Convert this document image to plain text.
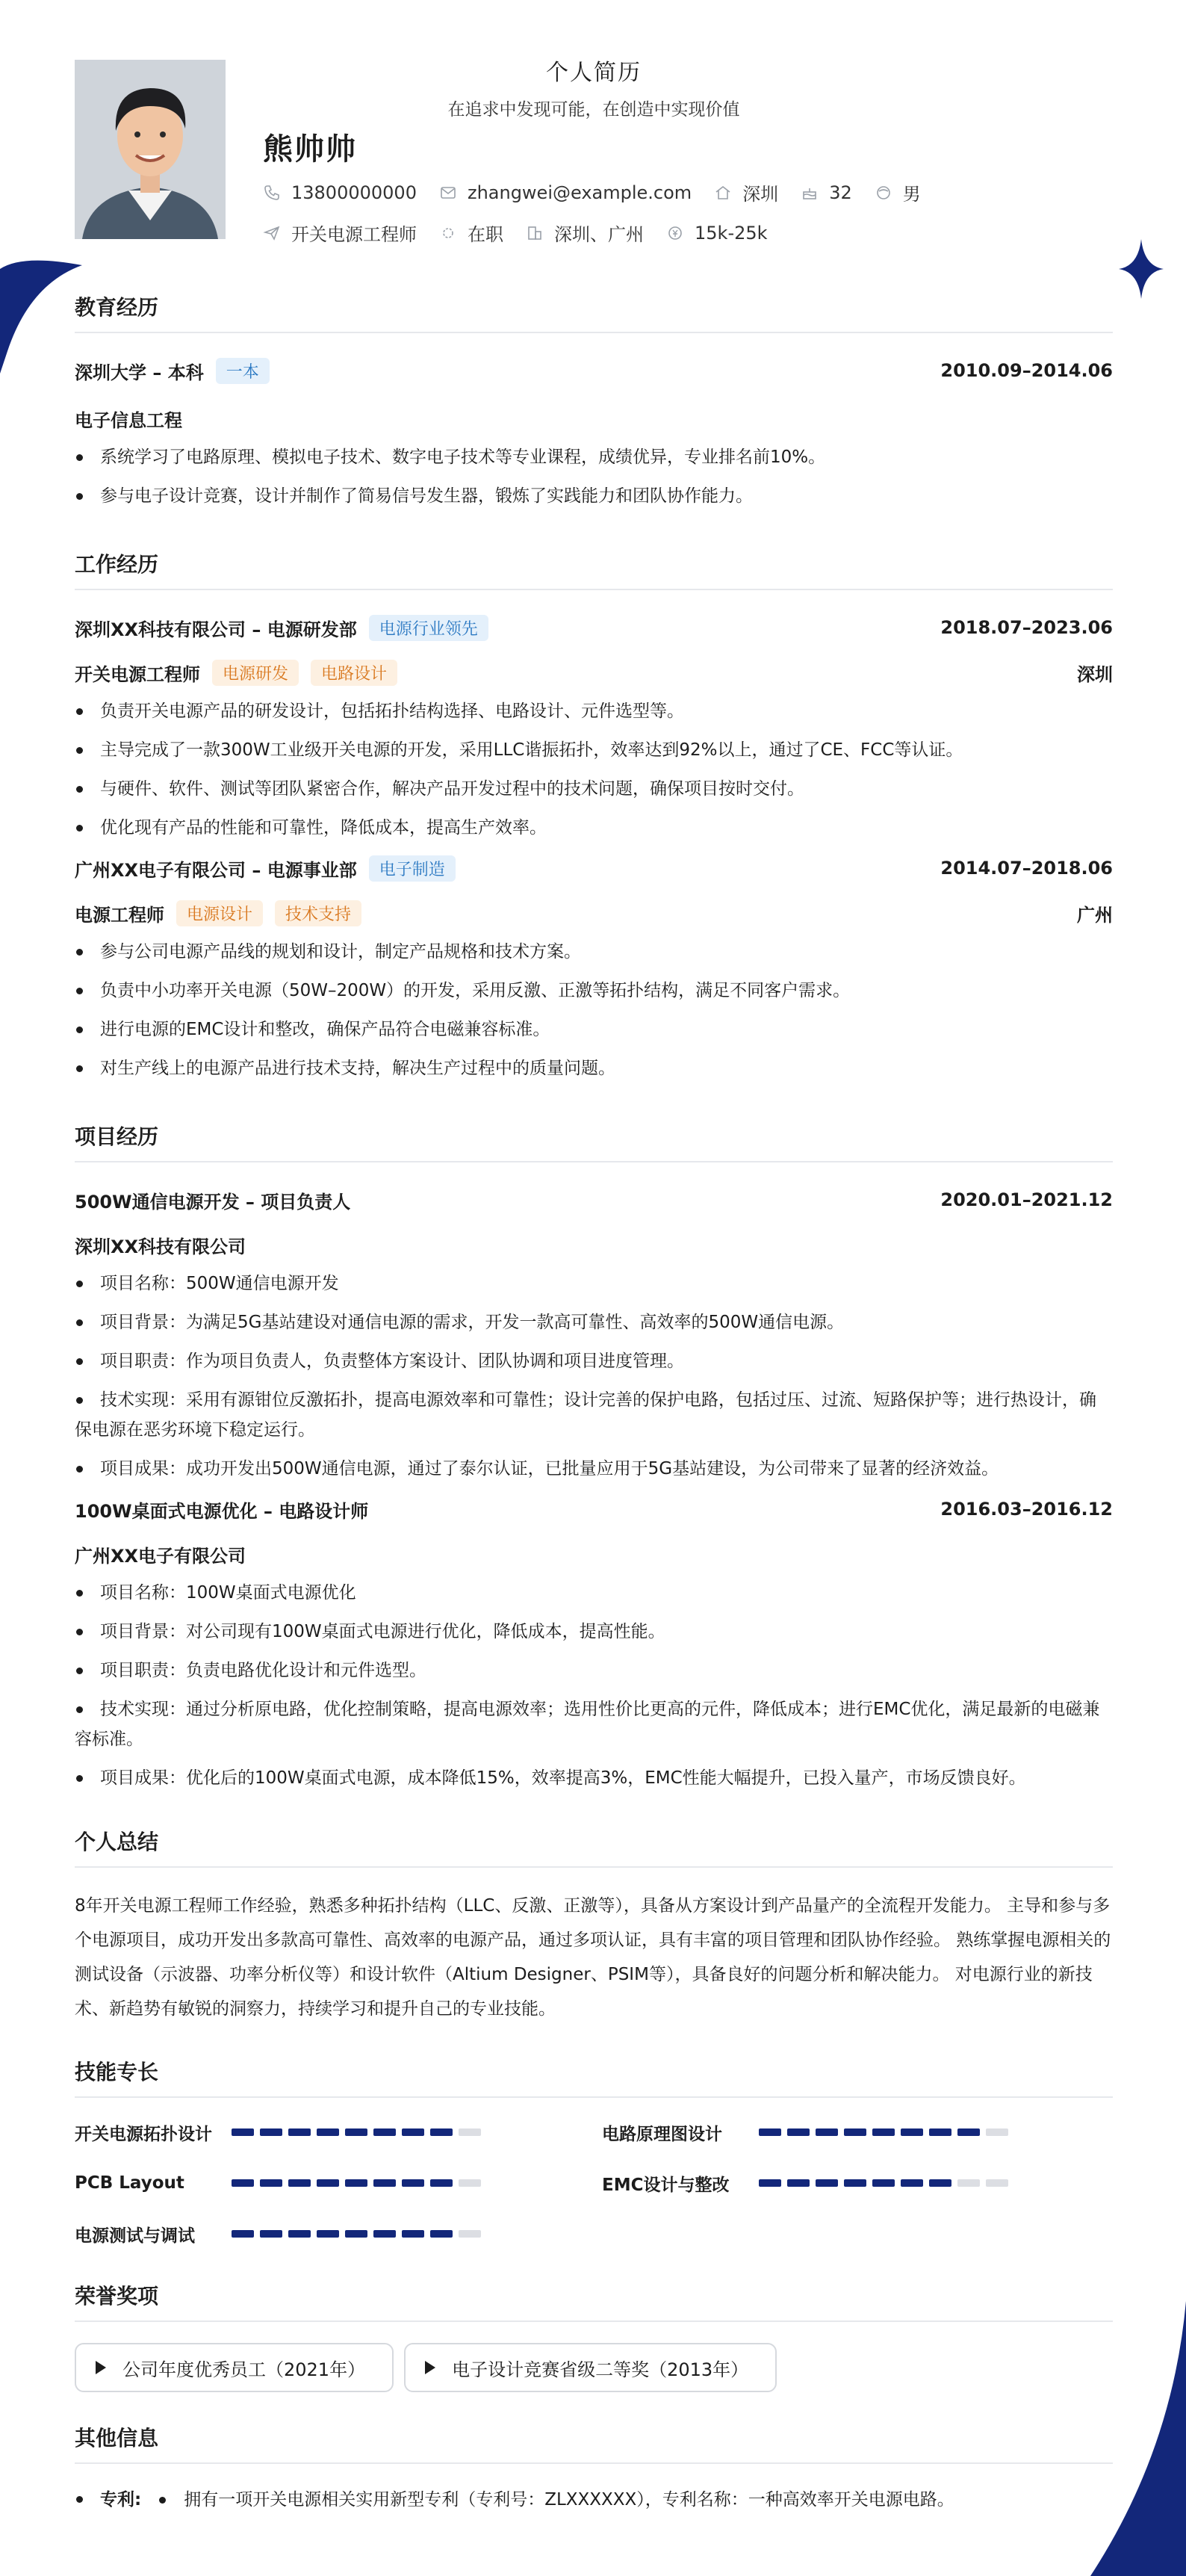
个人简历
在追求中发现可能，在创造中实现价值
熊帅帅
13800000000	zhangwei@example.com	深圳	32	男
开关电源工程师	在职	深圳、广州	15k-25k
教育经历
深圳大学 – 本科	一本	2010.09–2014.06
电子信息工程
系统学习了电路原理、模拟电子技术、数字电子技术等专业课程，成绩优异，专业排名前10%。
参与电子设计竞赛，设计并制作了简易信号发生器，锻炼了实践能力和团队协作能力。
工作经历
深圳XX科技有限公司 – 电源研发部	电源行业领先	2018.07–2023.06
开关电源工程师	电源研发	电路设计	深圳
负责开关电源产品的研发设计，包括拓扑结构选择、电路设计、元件选型等。
主导完成了一款300W工业级开关电源的开发，采用LLC谐振拓扑，效率达到92%以上，通过了CE、FCC等认证。
与硬件、软件、测试等团队紧密合作，解决产品开发过程中的技术问题，确保项目按时交付。
优化现有产品的性能和可靠性，降低成本，提高生产效率。
广州XX电子有限公司 – 电源事业部	电子制造	2014.07–2018.06
电源工程师	电源设计	技术支持	广州
参与公司电源产品线的规划和设计，制定产品规格和技术方案。
负责中小功率开关电源（50W–200W）的开发，采用反激、正激等拓扑结构，满足不同客户需求。
进行电源的EMC设计和整改，确保产品符合电磁兼容标准。
对生产线上的电源产品进行技术支持，解决生产过程中的质量问题。
项目经历
500W通信电源开发 – 项目负责人	2020.01–2021.12
深圳XX科技有限公司
项目名称：500W通信电源开发
项目背景：为满足5G基站建设对通信电源的需求，开发一款高可靠性、高效率的500W通信电源。
项目职责：作为项目负责人，负责整体方案设计、团队协调和项目进度管理。
技术实现：采用有源钳位反激拓扑，提高电源效率和可靠性；设计完善的保护电路，包括过压、过流、短路保护等；进行热设计，确保电源在恶劣环境下稳定运行。
项目成果：成功开发出500W通信电源，通过了泰尔认证，已批量应用于5G基站建设，为公司带来了显著的经济效益。
100W桌面式电源优化 – 电路设计师	2016.03–2016.12
广州XX电子有限公司
项目名称：100W桌面式电源优化
项目背景：对公司现有100W桌面式电源进行优化，降低成本，提高性能。
项目职责：负责电路优化设计和元件选型。
技术实现：通过分析原电路，优化控制策略，提高电源效率；选用性价比更高的元件，降低成本；进行EMC优化，满足最新的电磁兼容标准。
项目成果：优化后的100W桌面式电源，成本降低15%，效率提高3%，EMC性能大幅提升，已投入量产，市场反馈良好。
个人总结
8年开关电源工程师工作经验，熟悉多种拓扑结构（LLC、反激、正激等），具备从方案设计到产品量产的全流程开发能力。 主导和参与多个电源项目，成功开发出多款高可靠性、高效率的电源产品，通过多项认证，具有丰富的项目管理和团队协作经验。 熟练掌握电源相关的测试设备（示波器、功率分析仪等）和设计软件（Altium Designer、PSIM等），具备良好的问题分析和解决能力。 对电源行业的新技术、新趋势有敏锐的洞察力，持续学习和提升自己的专业技能。
技能专长
开关电源拓扑设计	电路原理图设计
PCB Layout	EMC设计与整改
电源测试与调试
荣誉奖项
公司年度优秀员工（2021年）	电子设计竞赛省级二等奖（2013年）
其他信息
专利: 拥有一项开关电源相关实用新型专利（专利号：ZLXXXXXX），专利名称：一种高效率开关电源电路。
